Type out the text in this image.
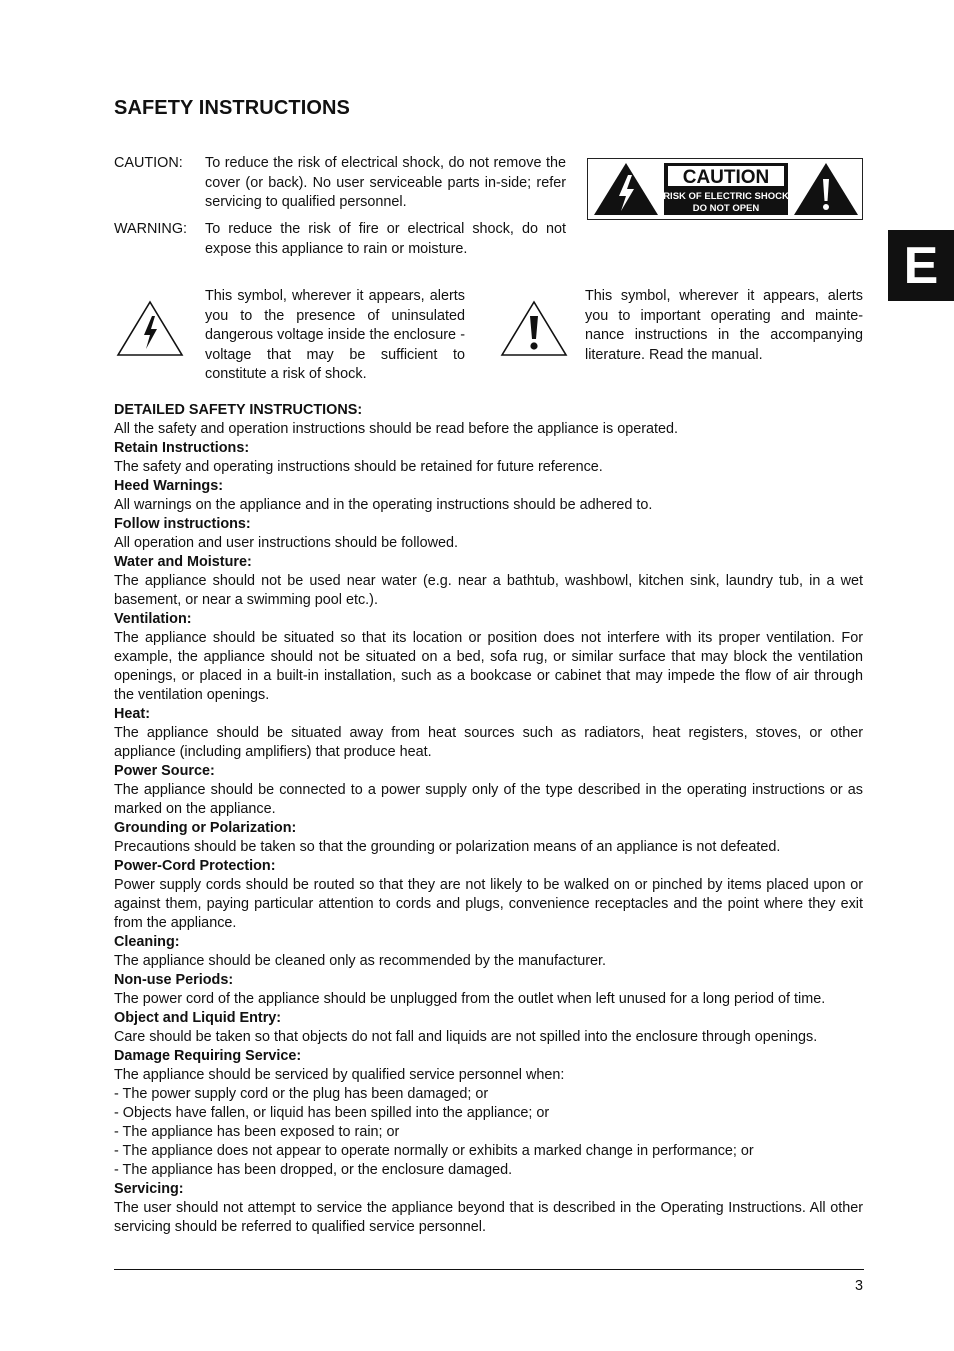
SAFETY INSTRUCTIONS
CAUTION: To reduce the risk of electrical shock, do not remove the cover (or back). No user serviceable parts in-side; refer servicing to qualified personnel.
WARNING: To reduce the risk of fire or electrical shock, do not expose this appliance to rain or moisture.
CAUTION
RISK OF ELECTRIC SHOCK
DO NOT OPEN
This symbol, wherever it appears, alerts you to the presence of uninsulated dangerous voltage inside the enclosure - voltage that may be sufficient to constitute a risk of shock.
This symbol, wherever it appears, alerts you to important operating and mainte-nance instructions in the accompanying literature. Read the manual.
DETAILED SAFETY INSTRUCTIONS:
All the safety and operation instructions should be read before the appliance is operated.
Retain Instructions:
The safety and operating instructions should be retained for future reference.
Heed Warnings:
All warnings on the appliance and in the operating instructions should be adhered to.
Follow instructions:
All operation and user instructions should be followed.
Water and Moisture:
The appliance should not be used near water (e.g. near a bathtub, washbowl, kitchen sink, laundry tub, in a wet basement, or near a swimming pool etc.).
Ventilation:
The appliance should be situated so that its location or position does not interfere with its proper ventilation. For example, the appliance should not be situated on a bed, sofa rug, or similar surface that may block the ventilation openings, or placed in a built-in installation, such as a bookcase or cabinet that may impede the flow of air through the ventilation openings.
Heat:
The appliance should be situated away from heat sources such as radiators, heat registers, stoves, or other appliance (including amplifiers) that produce heat.
Power Source:
The appliance should be connected to a power supply only of the type described in the operating instructions or as marked on the appliance.
Grounding or Polarization:
Precautions should be taken so that the grounding or polarization means of an appliance is not defeated.
Power-Cord Protection:
Power supply cords should be routed so that they are not likely to be walked on or pinched by items placed upon or against them, paying particular attention to cords and plugs, convenience receptacles and the point where they exit from the appliance.
Cleaning:
The appliance should be cleaned only as recommended by the manufacturer.
Non-use Periods:
The power cord of the appliance should be unplugged from the outlet when left unused for a long period of time.
Object and Liquid Entry:
Care should be taken so that objects do not fall and liquids are not spilled into the enclosure through openings.
Damage Requiring Service:
The appliance should be serviced by qualified service personnel when:
- The power supply cord or the plug has been damaged; or
- Objects have fallen, or liquid has been spilled into the appliance; or
- The appliance has been exposed to rain; or
- The appliance does not appear to operate normally or exhibits a marked change in performance; or
- The appliance has been dropped, or the enclosure damaged.
Servicing:
The user should not attempt to service the appliance beyond that is described in the Operating Instructions. All other servicing should be referred to qualified service personnel.
3
E
